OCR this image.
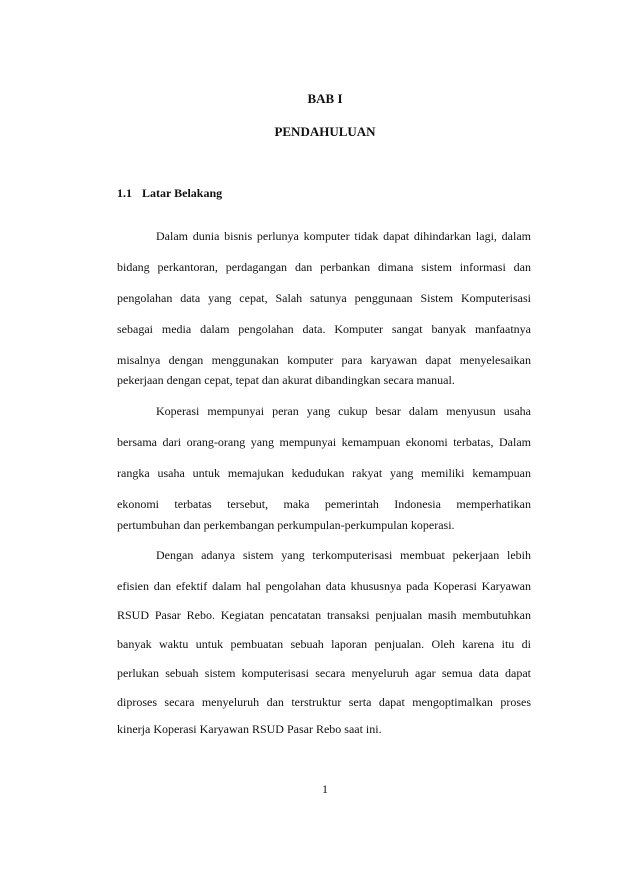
BAB I
PENDAHULUAN
1.1 Latar Belakang
Dalam dunia bisnis perlunya komputer tidak dapat dihindarkan lagi, dalam
bidang perkantoran, perdagangan dan perbankan dimana sistem informasi dan
pengolahan data yang cepat, Salah satunya penggunaan Sistem Komputerisasi
sebagai media dalam pengolahan data. Komputer sangat banyak manfaatnya
misalnya dengan menggunakan komputer para karyawan dapat menyelesaikan
pekerjaan dengan cepat, tepat dan akurat dibandingkan secara manual.
Koperasi mempunyai peran yang cukup besar dalam menyusun usaha
bersama dari orang-orang yang mempunyai kemampuan ekonomi terbatas, Dalam
rangka usaha untuk memajukan kedudukan rakyat yang memiliki kemampuan
ekonomi terbatas tersebut, maka pemerintah Indonesia memperhatikan
pertumbuhan dan perkembangan perkumpulan-perkumpulan koperasi.
Dengan adanya sistem yang terkomputerisasi membuat pekerjaan lebih
efisien dan efektif dalam hal pengolahan data khususnya pada Koperasi Karyawan
RSUD Pasar Rebo. Kegiatan pencatatan transaksi penjualan masih membutuhkan
banyak waktu untuk pembuatan sebuah laporan penjualan. Oleh karena itu di
perlukan sebuah sistem komputerisasi secara menyeluruh agar semua data dapat
diproses secara menyeluruh dan terstruktur serta dapat mengoptimalkan proses
kinerja Koperasi Karyawan RSUD Pasar Rebo saat ini.
1
